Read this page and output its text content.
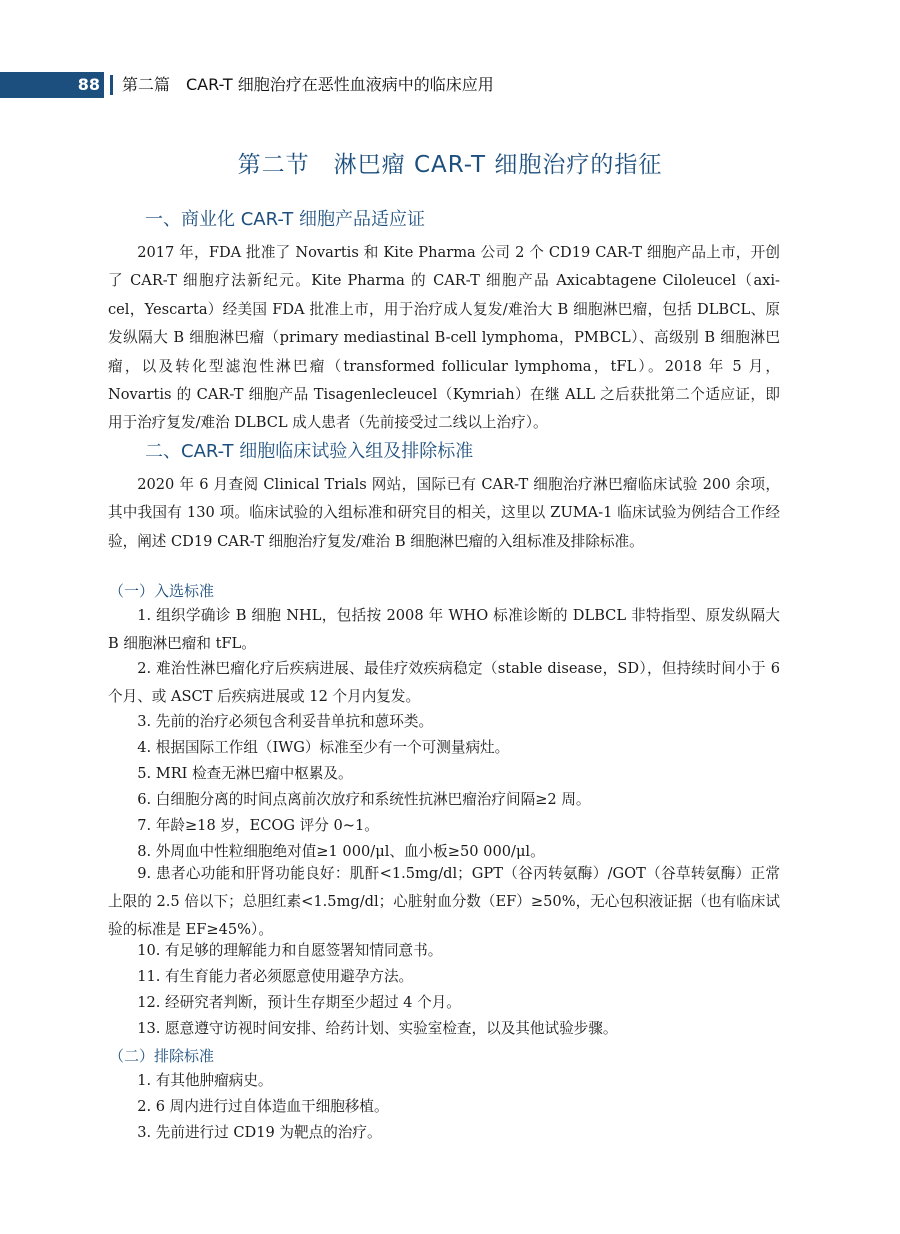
88 第二篇　CAR-T 细胞治疗在恶性血液病中的临床应用
第二节　淋巴瘤 CAR-T 细胞治疗的指征
一、商业化 CAR-T 细胞产品适应证

2017 年，FDA 批准了 Novartis 和 Kite Pharma 公司 2 个 CD19 CAR-T 细胞产品上市，开创了 CAR-T 细胞疗法新纪元。Kite Pharma 的 CAR-T 细胞产品 Axicabtagene Ciloleucel（axi-cel，Yescarta）经美国 FDA 批准上市，用于治疗成人复发/难治大 B 细胞淋巴瘤，包括 DLBCL、原发纵隔大 B 细胞淋巴瘤（primary mediastinal B-cell lymphoma，PMBCL）、高级别 B 细胞淋巴瘤，以及转化型滤泡性淋巴瘤（transformed follicular lymphoma，tFL）。2018 年 5 月，Novartis 的 CAR-T 细胞产品 Tisagenlecleucel（Kymriah）在继 ALL 之后获批第二个适应证，即用于治疗复发/难治 DLBCL 成人患者（先前接受过二线以上治疗）。

二、CAR-T 细胞临床试验入组及排除标准

2020 年 6 月查阅 Clinical Trials 网站，国际已有 CAR-T 细胞治疗淋巴瘤临床试验 200 余项，其中我国有 130 项。临床试验的入组标准和研究目的相关，这里以 ZUMA-1 临床试验为例结合工作经验，阐述 CD19 CAR-T 细胞治疗复发/难治 B 细胞淋巴瘤的入组标准及排除标准。

（一）入选标准

1. 组织学确诊 B 细胞 NHL，包括按 2008 年 WHO 标准诊断的 DLBCL 非特指型、原发纵隔大 B 细胞淋巴瘤和 tFL。

2. 难治性淋巴瘤化疗后疾病进展、最佳疗效疾病稳定（stable disease，SD），但持续时间小于 6 个月、或 ASCT 后疾病进展或 12 个月内复发。

3. 先前的治疗必须包含利妥昔单抗和蒽环类。

4. 根据国际工作组（IWG）标准至少有一个可测量病灶。

5. MRI 检查无淋巴瘤中枢累及。

6. 白细胞分离的时间点离前次放疗和系统性抗淋巴瘤治疗间隔≥2 周。

7. 年龄≥18 岁，ECOG 评分 0~1。

8. 外周血中性粒细胞绝对值≥1 000/μl、血小板≥50 000/μl。

9. 患者心功能和肝肾功能良好：肌酐<1.5mg/dl；GPT（谷丙转氨酶）/GOT（谷草转氨酶）正常上限的 2.5 倍以下；总胆红素<1.5mg/dl；心脏射血分数（EF）≥50%，无心包积液证据（也有临床试验的标准是 EF≥45%）。

10. 有足够的理解能力和自愿签署知情同意书。

11. 有生育能力者必须愿意使用避孕方法。

12. 经研究者判断，预计生存期至少超过 4 个月。

13. 愿意遵守访视时间安排、给药计划、实验室检查，以及其他试验步骤。

（二）排除标准

1. 有其他肿瘤病史。

2. 6 周内进行过自体造血干细胞移植。

3. 先前进行过 CD19 为靶点的治疗。
